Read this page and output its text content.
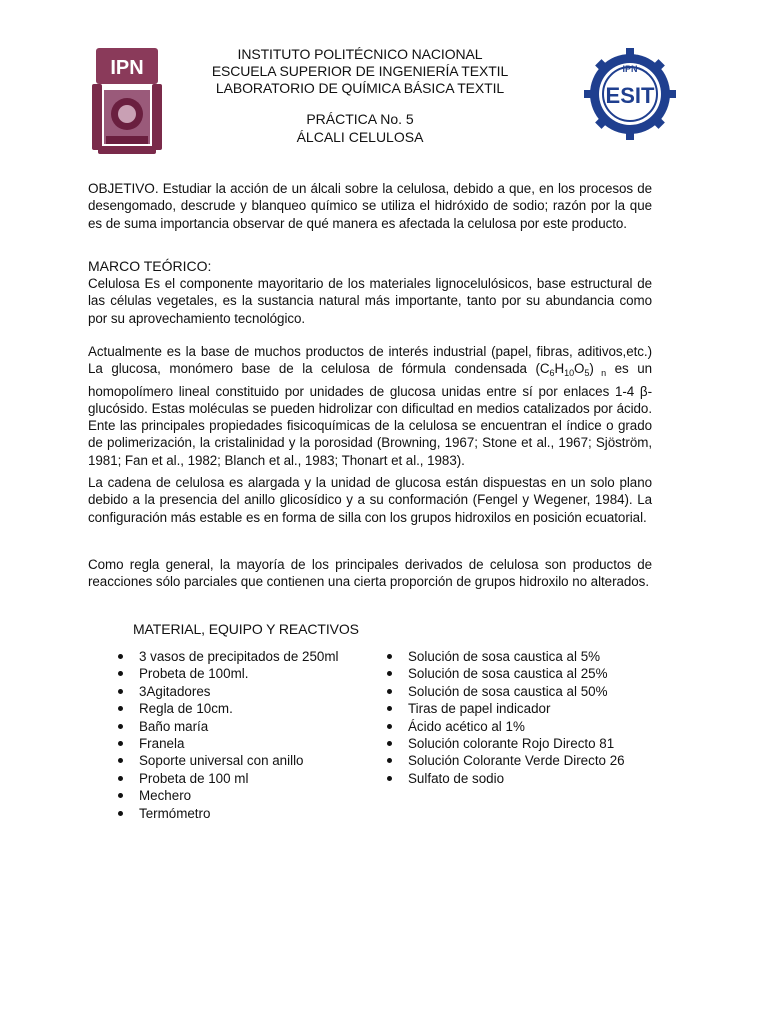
IPN	IPN
ESIT
INSTITUTO POLITÉCNICO NACIONAL
ESCUELA SUPERIOR DE INGENIERÍA TEXTIL
LABORATORIO DE QUÍMICA BÁSICA TEXTIL
PRÁCTICA No. 5
ÁLCALI CELULOSA
OBJETIVO. Estudiar la acción de un álcali sobre la celulosa, debido a que, en los procesos de desengomado, descrude y blanqueo químico se utiliza el hidróxido de sodio; razón por la que es de suma importancia observar de qué manera es afectada la celulosa por este producto.
MARCO TEÓRICO:
Celulosa Es el componente mayoritario de los materiales lignocelulósicos, base estructural de las células vegetales, es la sustancia natural más importante, tanto por su abundancia como por su aprovechamiento tecnológico.
Actualmente es la base de muchos productos de interés industrial (papel, fibras, aditivos,etc.) La glucosa, monómero base de la celulosa de fórmula condensada $(C_6H_{10}O_5)$ $_n$ es un homopolímero lineal constituido por unidades de glucosa unidas entre sí por enlaces 1-4 β-glucósido. Estas moléculas se pueden hidrolizar con dificultad en medios catalizados por ácido. Ente las principales propiedades fisicoquímicas de la celulosa se encuentran el índice o grado de polimerización, la cristalinidad y la porosidad (Browning, 1967; Stone et al., 1967; Sjöström, 1981; Fan et al., 1982; Blanch et al., 1983; Thonart et al., 1983).
La cadena de celulosa es alargada y la unidad de glucosa están dispuestas en un solo plano debido a la presencia del anillo glicosídico y a su conformación (Fengel y Wegener, 1984). La configuración más estable es en forma de silla con los grupos hidroxilos en posición ecuatorial.
Como regla general, la mayoría de los principales derivados de celulosa son productos de reacciones sólo parciales que contienen una cierta proporción de grupos hidroxilo no alterados.
MATERIAL, EQUIPO Y REACTIVOS
3 vasos de precipitados de 250ml
Probeta de 100ml.
3Agitadores
Regla de 10cm.
Baño maría
Franela
Soporte universal con anillo
Probeta de 100 ml
Mechero
Termómetro
Solución de sosa caustica al 5%
Solución de sosa caustica al 25%
Solución de sosa caustica al 50%
Tiras de papel indicador
Ácido acético al 1%
Solución colorante Rojo Directo 81
Solución Colorante Verde Directo 26
Sulfato de sodio
